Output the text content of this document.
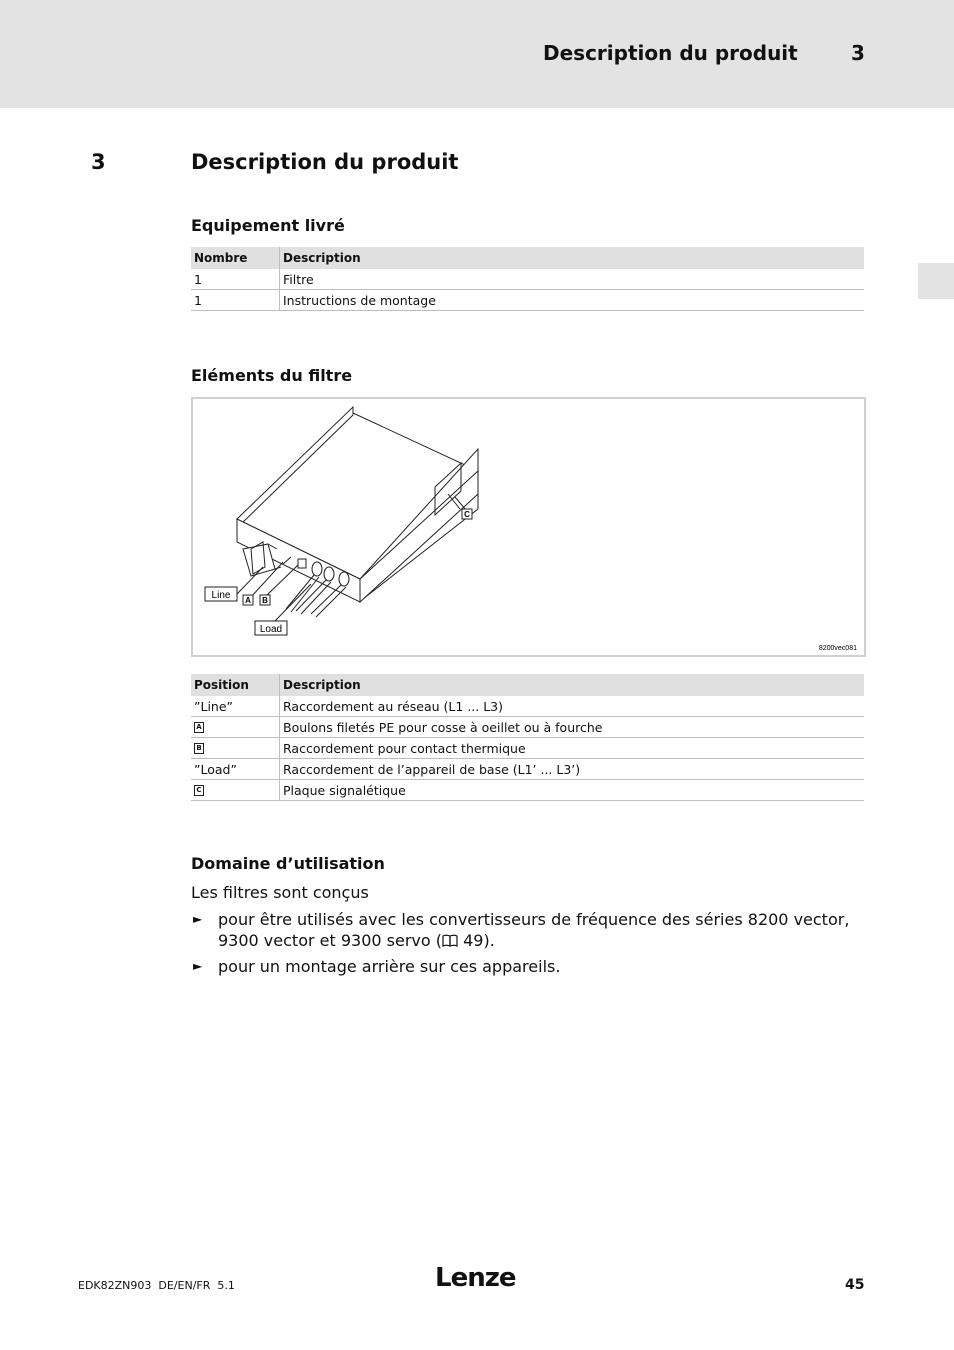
Description du produit	3
3	Description du produit
Equipement livré
Nombre	Description
1	Filtre
1	Instructions de montage
Eléments du filtre
Line A B
Load
C
8200vec081
Position	Description
”Line”	Raccordement au réseau (L1 ... L3)
A	Boulons filetés PE pour cosse à oeillet ou à fourche
B	Raccordement pour contact thermique
”Load”	Raccordement de l’appareil de base (L1’ ... L3’)
C	Plaque signalétique
Domaine d’utilisation
Les filtres sont conçus
► pour être utilisés avec les convertisseurs de fréquence des séries 8200 vector, 9300 vector et 9300 servo ( 49).
► pour un montage arrière sur ces appareils.
EDK82ZN903  DE/EN/FR  5.1	Lenze	45
